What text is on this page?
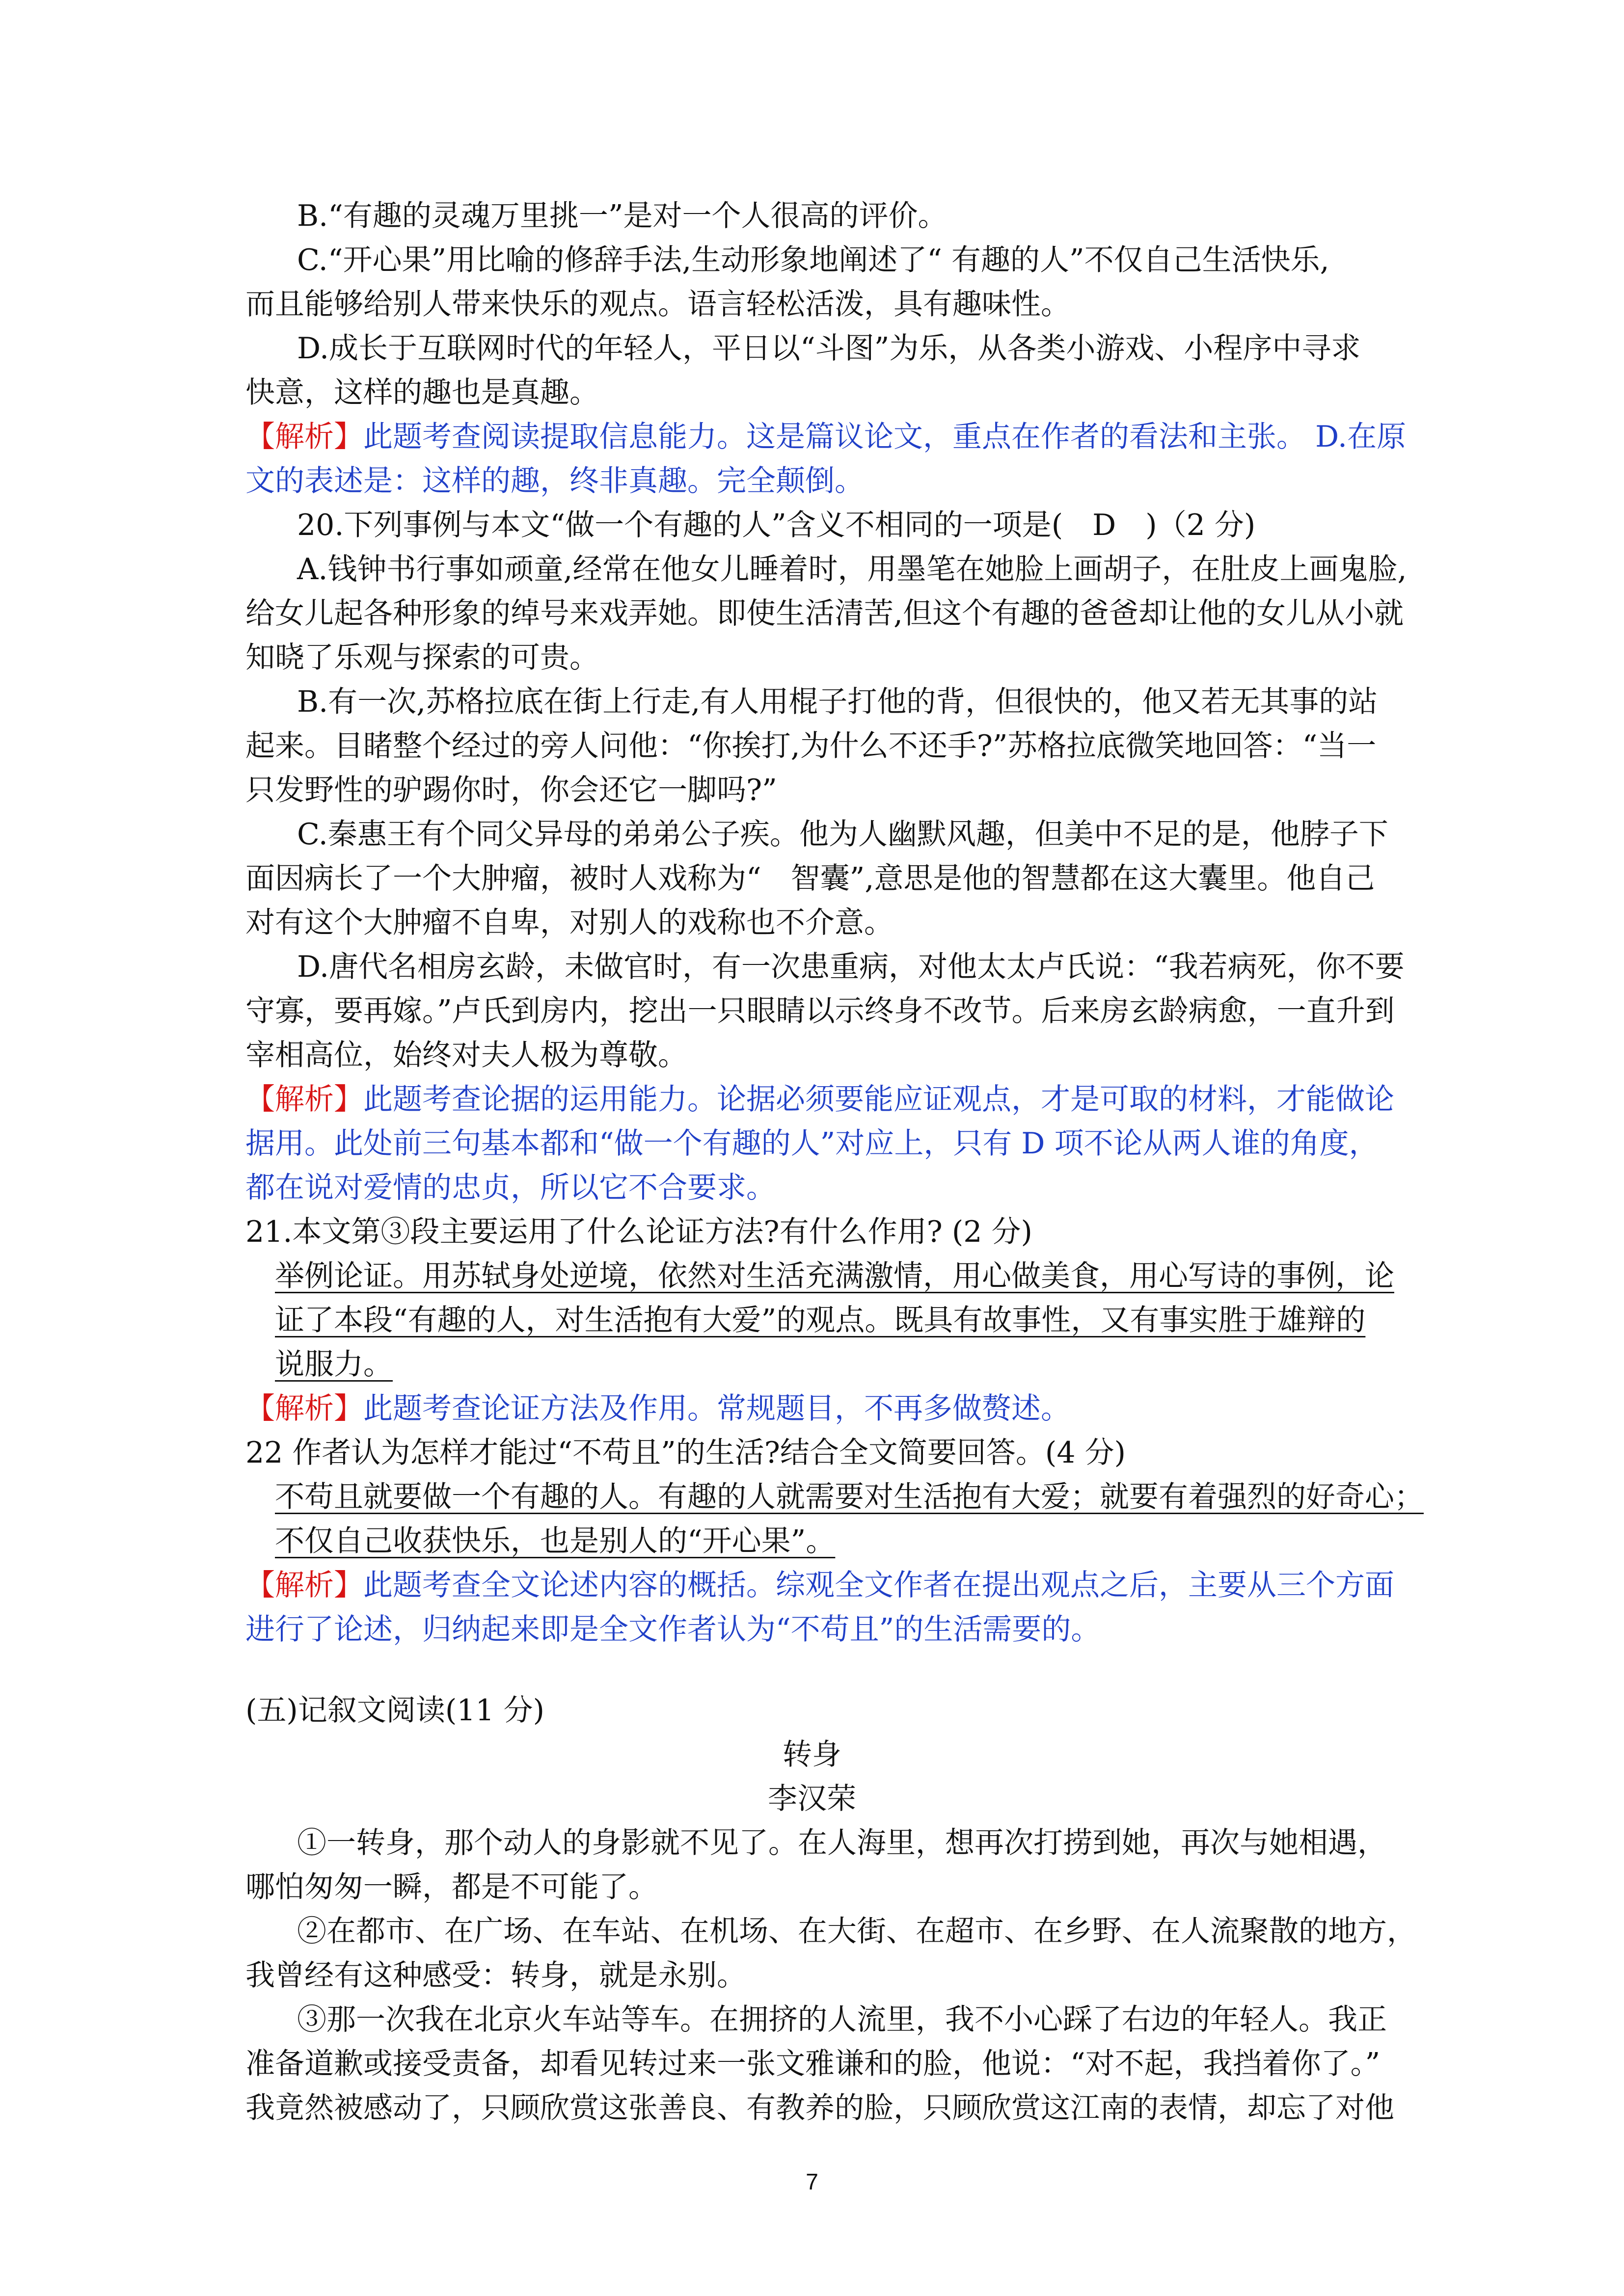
B.“有趣的灵魂万里挑一”是对一个人很高的评价。
C.“开心果”用比喻的修辞手法,生动形象地阐述了“ 有趣的人”不仅自己生活快乐,
而且能够给别人带来快乐的观点。语言轻松活泼，具有趣味性。
D.成长于互联网时代的年轻人，平日以“斗图”为乐，从各类小游戏、小程序中寻求
快意，这样的趣也是真趣。
【解析】此题考查阅读提取信息能力。这是篇议论文，重点在作者的看法和主张。 D.在原
文的表述是：这样的趣，终非真趣。完全颠倒。
20.下列事例与本文“做一个有趣的人”含义不相同的一项是(　D　)（2 分)
A.钱钟书行事如顽童,经常在他女儿睡着时，用墨笔在她脸上画胡子，在肚皮上画鬼脸,
给女儿起各种形象的绰号来戏弄她。即使生活清苦,但这个有趣的爸爸却让他的女儿从小就
知晓了乐观与探索的可贵。
B.有一次,苏格拉底在街上行走,有人用棍子打他的背，但很快的，他又若无其事的站
起来。目睹整个经过的旁人问他：“你挨打,为什么不还手?”苏格拉底微笑地回答：“当一
只发野性的驴踢你时，你会还它一脚吗?”
C.秦惠王有个同父异母的弟弟公子疾。他为人幽默风趣，但美中不足的是，他脖子下
面因病长了一个大肿瘤，被时人戏称为“　智囊”,意思是他的智慧都在这大囊里。他自己
对有这个大肿瘤不自卑，对别人的戏称也不介意。
D.唐代名相房玄龄，未做官时，有一次患重病，对他太太卢氏说：“我若病死，你不要
守寡，要再嫁。”卢氏到房内，挖出一只眼睛以示终身不改节。后来房玄龄病愈，一直升到
宰相高位，始终对夫人极为尊敬。
【解析】此题考查论据的运用能力。论据必须要能应证观点，才是可取的材料，才能做论
据用。此处前三句基本都和“做一个有趣的人”对应上，只有 D 项不论从两人谁的角度，
都在说对爱情的忠贞，所以它不合要求。
21.本文第③段主要运用了什么论证方法?有什么作用? (2 分)
举例论证。用苏轼身处逆境，依然对生活充满激情，用心做美食，用心写诗的事例，论
证了本段“有趣的人，对生活抱有大爱”的观点。既具有故事性，又有事实胜于雄辩的
说服力。
【解析】此题考查论证方法及作用。常规题目，不再多做赘述。
22 作者认为怎样才能过“不苟且”的生活?结合全文简要回答。(4 分)
不苟且就要做一个有趣的人。有趣的人就需要对生活抱有大爱；就要有着强烈的好奇心；
不仅自己收获快乐，也是别人的“开心果”。
【解析】此题考查全文论述内容的概括。综观全文作者在提出观点之后，主要从三个方面
进行了论述，归纳起来即是全文作者认为“不苟且”的生活需要的。
(五)记叙文阅读(11 分)
转身
李汉荣
①一转身，那个动人的身影就不见了。在人海里，想再次打捞到她，再次与她相遇，
哪怕匆匆一瞬，都是不可能了。
②在都市、在广场、在车站、在机场、在大街、在超市、在乡野、在人流聚散的地方，
我曾经有这种感受：转身，就是永别。
③那一次我在北京火车站等车。在拥挤的人流里，我不小心踩了右边的年轻人。我正
准备道歉或接受责备，却看见转过来一张文雅谦和的脸，他说：“对不起，我挡着你了。”
我竟然被感动了，只顾欣赏这张善良、有教养的脸，只顾欣赏这江南的表情，却忘了对他
7
